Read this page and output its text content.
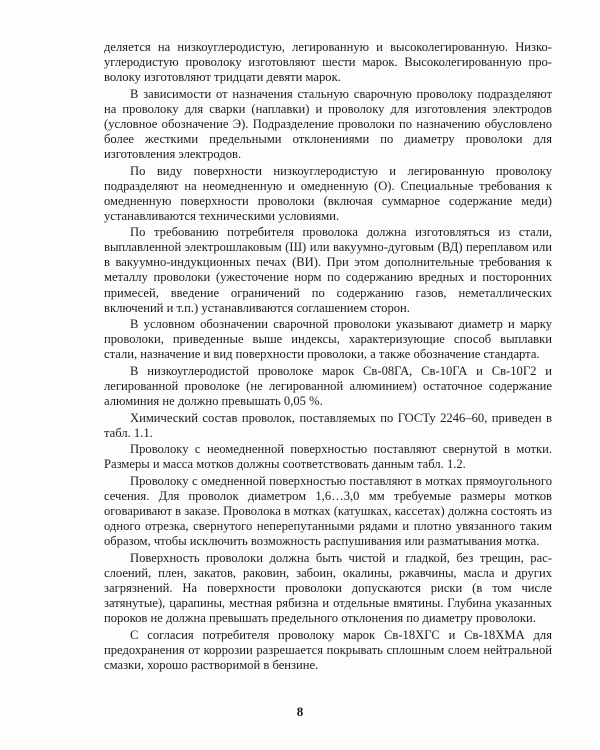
деляется на низкоуглеродистую, легированную и высоколегированную. Низкоуглеродистую проволоку изготовляют шести марок. Высоколегированную проволоку изготовляют тридцати девяти марок.

В зависимости от назначения стальную сварочную проволоку подразделяют на проволоку для сварки (наплавки) и проволоку для изготовления электродов (условное обозначение Э). Подразделение проволоки по назначению обусловлено более жесткими предельными отклонениями по диаметру проволоки для изготовления электродов.

По виду поверхности низкоуглеродистую и легированную проволоку подразделяют на неомедненную и омедненную (О). Специальные требования к омедненную поверхности проволоки (включая суммарное содержание меди) устанавливаются техническими условиями.

По требованию потребителя проволока должна изготовляться из стали, выплавленной электрошлаковым (Ш) или вакуумно-дуговым (ВД) переплавом или в вакуумно-индукционных печах (ВИ). При этом дополнительные требования к металлу проволоки (ужесточение норм по содержанию вредных и посторонних примесей, введение ограничений по содержанию газов, неметаллических включений и т.п.) устанавливаются соглашением сторон.

В условном обозначении сварочной проволоки указывают диаметр и марку проволоки, приведенные выше индексы, характеризующие способ выплавки стали, назначение и вид поверхности проволоки, а также обозначение стандарта.

В низкоуглеродистой проволоке марок Св-08ГА, Св-10ГА и Св-10Г2 и легированной проволоке (не легированной алюминием) остаточное содержание алюминия не должно превышать 0,05 %.

Химический состав проволок, поставляемых по ГОСТу 2246–60, приведен в табл. 1.1.

Проволоку с неомедненной поверхностью поставляют свернутой в мотки. Размеры и масса мотков должны соответствовать данным табл. 1.2.

Проволоку с омедненной поверхностью поставляют в мотках прямоугольного сечения. Для проволок диаметром 1,6…3,0 мм требуемые размеры мотков оговаривают в заказе. Проволока в мотках (катушках, кассетах) должна состоять из одного отрезка, свернутого неперепутанными рядами и плотно увязанного таким образом, чтобы исключить возможность распушивания или разматывания мотка.

Поверхность проволоки должна быть чистой и гладкой, без трещин, расслоений, плен, закатов, раковин, забоин, окалины, ржавчины, масла и других загрязнений. На поверхности проволоки допускаются риски (в том числе затянутые), царапины, местная рябизна и отдельные вмятины. Глубина указанных пороков не должна превышать предельного отклонения по диаметру проволоки.

С согласия потребителя проволоку марок Св-18ХГС и Св-18ХМА для предохранения от коррозии разрешается покрывать сплошным слоем нейтральной смазки, хорошо растворимой в бензине.

8
